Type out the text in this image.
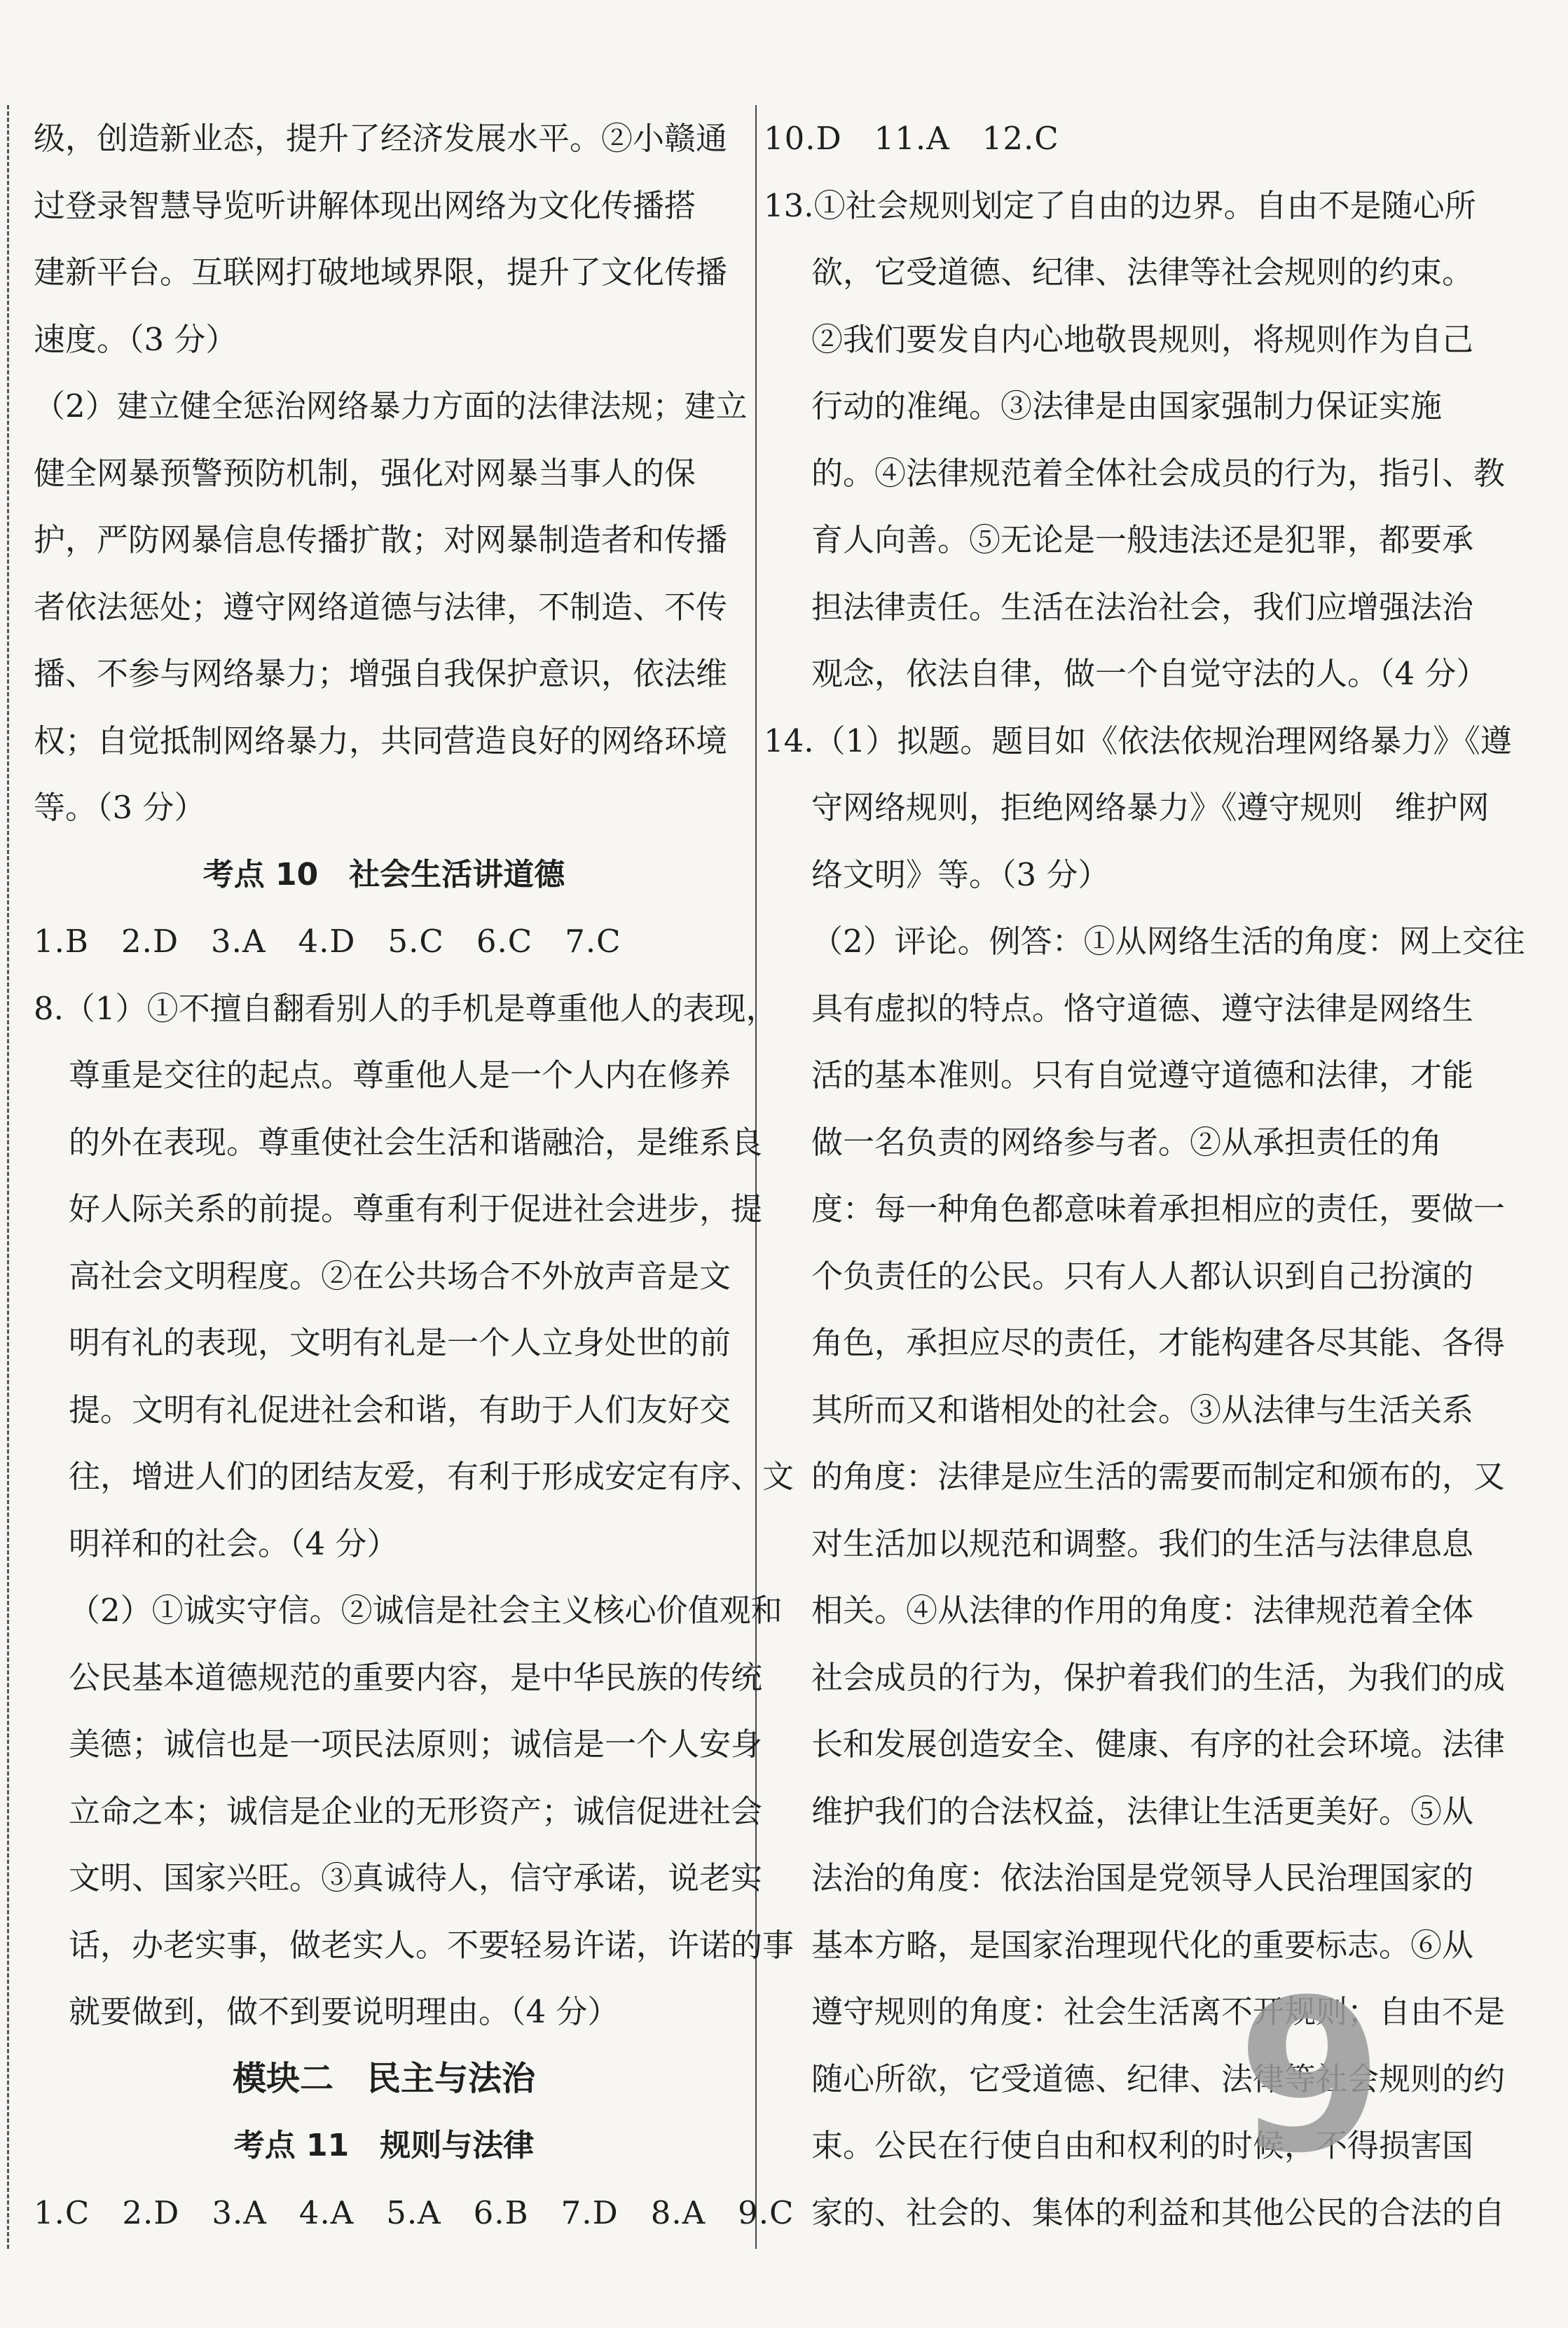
级，创造新业态，提升了经济发展水平。②小赣通
过登录智慧导览听讲解体现出网络为文化传播搭
建新平台。互联网打破地域界限，提升了文化传播
速度。（3 分）
（2）建立健全惩治网络暴力方面的法律法规；建立
健全网暴预警预防机制，强化对网暴当事人的保
护，严防网暴信息传播扩散；对网暴制造者和传播
者依法惩处；遵守网络道德与法律，不制造、不传
播、不参与网络暴力；增强自我保护意识，依法维
权；自觉抵制网络暴力，共同营造良好的网络环境
等。（3 分）
考点 10　社会生活讲道德
1.B　2.D　3.A　4.D　5.C　6.C　7.C
8.（1）①不擅自翻看别人的手机是尊重他人的表现，
尊重是交往的起点。尊重他人是一个人内在修养
的外在表现。尊重使社会生活和谐融洽，是维系良
好人际关系的前提。尊重有利于促进社会进步，提
高社会文明程度。②在公共场合不外放声音是文
明有礼的表现，文明有礼是一个人立身处世的前
提。文明有礼促进社会和谐，有助于人们友好交
往，增进人们的团结友爱，有利于形成安定有序、文
明祥和的社会。（4 分）
（2）①诚实守信。②诚信是社会主义核心价值观和
公民基本道德规范的重要内容，是中华民族的传统
美德；诚信也是一项民法原则；诚信是一个人安身
立命之本；诚信是企业的无形资产；诚信促进社会
文明、国家兴旺。③真诚待人，信守承诺，说老实
话，办老实事，做老实人。不要轻易许诺，许诺的事
就要做到，做不到要说明理由。（4 分）
模块二　民主与法治
考点 11　规则与法律
1.C　2.D　3.A　4.A　5.A　6.B　7.D　8.A　9.C
10.D　11.A　12.C
13.①社会规则划定了自由的边界。自由不是随心所
欲，它受道德、纪律、法律等社会规则的约束。
②我们要发自内心地敬畏规则，将规则作为自己
行动的准绳。③法律是由国家强制力保证实施
的。④法律规范着全体社会成员的行为，指引、教
育人向善。⑤无论是一般违法还是犯罪，都要承
担法律责任。生活在法治社会，我们应增强法治
观念，依法自律，做一个自觉守法的人。（4 分）
14.（1）拟题。题目如《依法依规治理网络暴力》《遵
守网络规则，拒绝网络暴力》《遵守规则　维护网
络文明》等。（3 分）
（2）评论。例答：①从网络生活的角度：网上交往
具有虚拟的特点。恪守道德、遵守法律是网络生
活的基本准则。只有自觉遵守道德和法律，才能
做一名负责的网络参与者。②从承担责任的角
度：每一种角色都意味着承担相应的责任，要做一
个负责任的公民。只有人人都认识到自己扮演的
角色，承担应尽的责任，才能构建各尽其能、各得
其所而又和谐相处的社会。③从法律与生活关系
的角度：法律是应生活的需要而制定和颁布的，又
对生活加以规范和调整。我们的生活与法律息息
相关。④从法律的作用的角度：法律规范着全体
社会成员的行为，保护着我们的生活，为我们的成
长和发展创造安全、健康、有序的社会环境。法律
维护我们的合法权益，法律让生活更美好。⑤从
法治的角度：依法治国是党领导人民治理国家的
基本方略，是国家治理现代化的重要标志。⑥从
遵守规则的角度：社会生活离不开规则；自由不是
随心所欲，它受道德、纪律、法律等社会规则的约
束。公民在行使自由和权利的时候，不得损害国
家的、社会的、集体的利益和其他公民的合法的自
9
